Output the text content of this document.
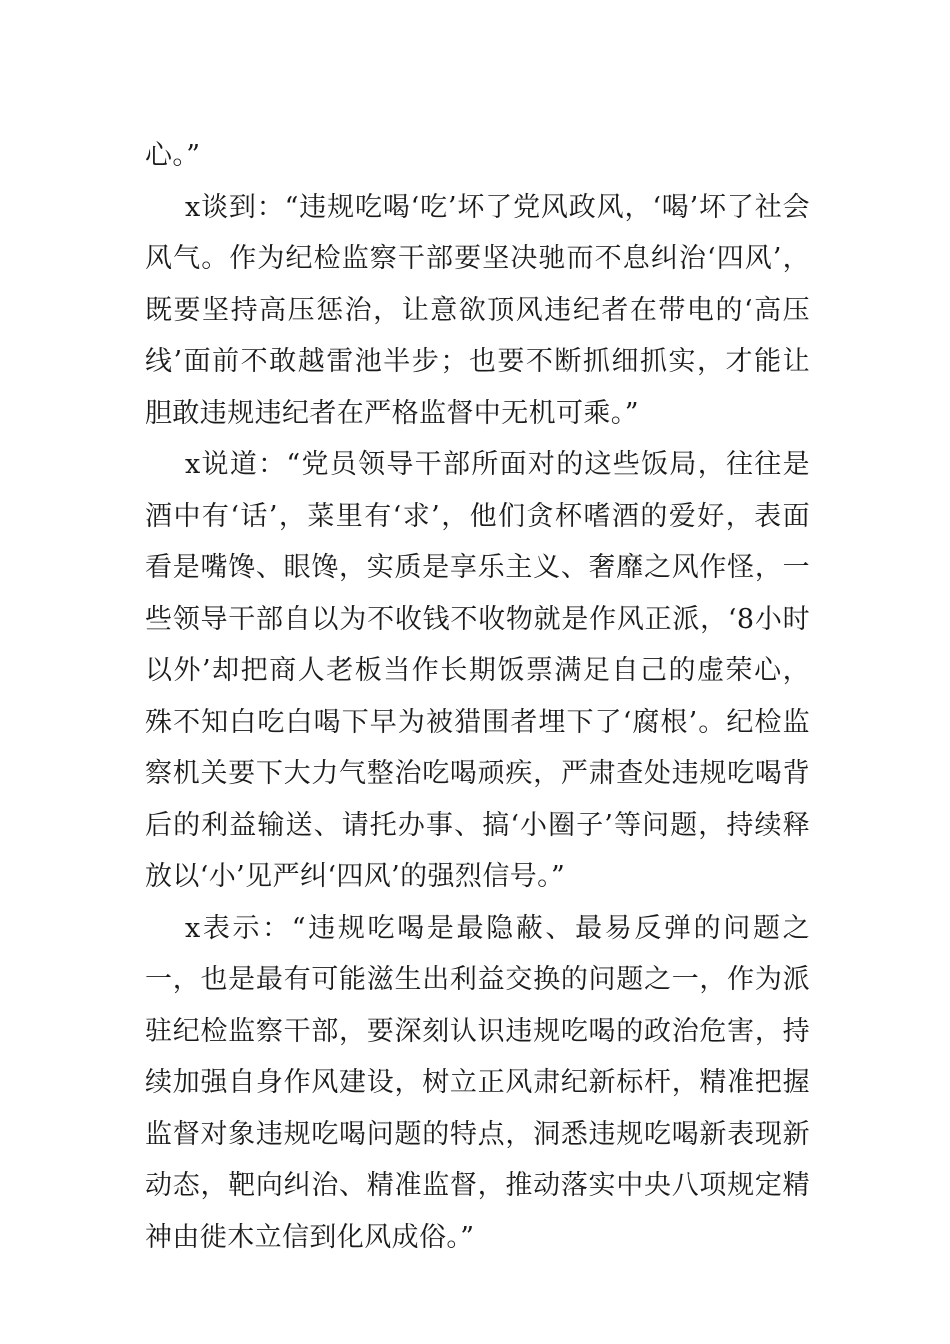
心。”

x谈到：“违规吃喝‘吃’坏了党风政风，‘喝’坏了社会风气。作为纪检监察干部要坚决驰而不息纠治‘四风’，既要坚持高压惩治，让意欲顶风违纪者在带电的‘高压线’面前不敢越雷池半步；也要不断抓细抓实，才能让胆敢违规违纪者在严格监督中无机可乘。”

x说道：“党员领导干部所面对的这些饭局，往往是酒中有‘话’，菜里有‘求’，他们贪杯嗜酒的爱好，表面看是嘴馋、眼馋，实质是享乐主义、奢靡之风作怪，一些领导干部自以为不收钱不收物就是作风正派，‘8小时以外’却把商人老板当作长期饭票满足自己的虚荣心，殊不知白吃白喝下早为被猎围者埋下了‘腐根’。纪检监察机关要下大力气整治吃喝顽疾，严肃查处违规吃喝背后的利益输送、请托办事、搞‘小圈子’等问题，持续释放以‘小’见严纠‘四风’的强烈信号。”

x表示：“违规吃喝是最隐蔽、最易反弹的问题之一，也是最有可能滋生出利益交换的问题之一，作为派驻纪检监察干部，要深刻认识违规吃喝的政治危害，持续加强自身作风建设，树立正风肃纪新标杆，精准把握监督对象违规吃喝问题的特点，洞悉违规吃喝新表现新动态，靶向纠治、精准监督，推动落实中央八项规定精神由徙木立信到化风成俗。”
